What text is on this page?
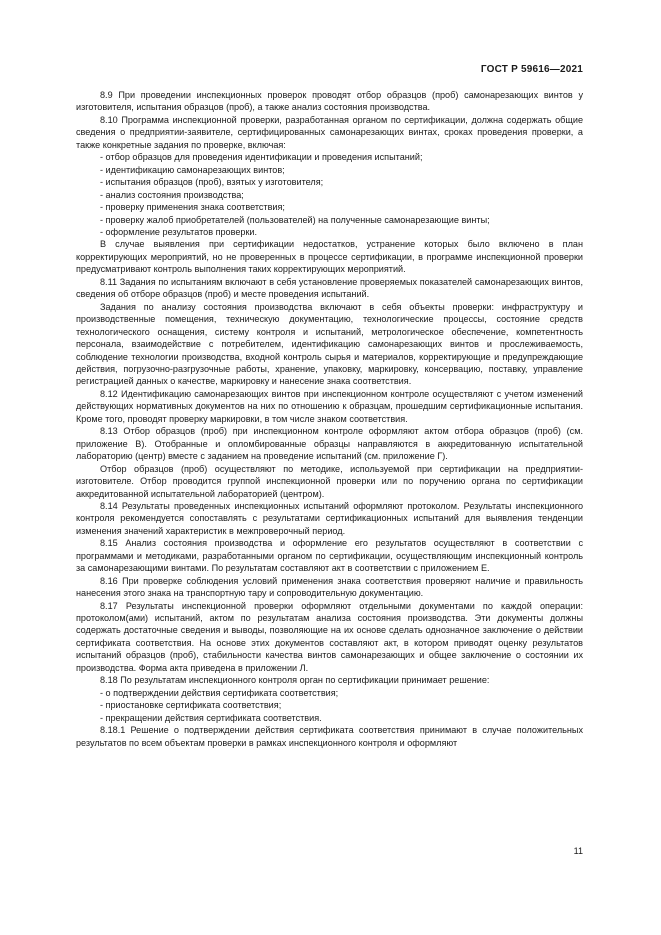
ГОСТ Р 59616—2021

8.9 При проведении инспекционных проверок проводят отбор образцов (проб) самонарезающих винтов у изготовителя, испытания образцов (проб), а также анализ состояния производства.

8.10 Программа инспекционной проверки, разработанная органом по сертификации, должна содержать общие сведения о предприятии-заявителе, сертифицированных самонарезающих винтах, сроках проведения проверки, а также конкретные задания по проверке, включая:

- отбор образцов для проведения идентификации и проведения испытаний;

- идентификацию самонарезающих винтов;

- испытания образцов (проб), взятых у изготовителя;

- анализ состояния производства;

- проверку применения знака соответствия;

- проверку жалоб приобретателей (пользователей) на полученные самонарезающие винты;

- оформление результатов проверки.

В случае выявления при сертификации недостатков, устранение которых было включено в план корректирующих мероприятий, но не проверенных в процессе сертификации, в программе инспекционной проверки предусматривают контроль выполнения таких корректирующих мероприятий.

8.11 Задания по испытаниям включают в себя установление проверяемых показателей самонарезающих винтов, сведения об отборе образцов (проб) и месте проведения испытаний.

Задания по анализу состояния производства включают в себя объекты проверки: инфраструктуру и производственные помещения, техническую документацию, технологические процессы, состояние средств технологического оснащения, систему контроля и испытаний, метрологическое обеспечение, компетентность персонала, взаимодействие с потребителем, идентификацию самонарезающих винтов и прослеживаемость, соблюдение технологии производства, входной контроль сырья и материалов, корректирующие и предупреждающие действия, погрузочно-разгрузочные работы, хранение, упаковку, маркировку, консервацию, поставку, управление регистрацией данных о качестве, маркировку и нанесение знака соответствия.

8.12 Идентификацию самонарезающих винтов при инспекционном контроле осуществляют с учетом изменений действующих нормативных документов на них по отношению к образцам, прошедшим сертификационные испытания. Кроме того, проводят проверку маркировки, в том числе знаком соответствия.

8.13 Отбор образцов (проб) при инспекционном контроле оформляют актом отбора образцов (проб) (см. приложение В). Отобранные и опломбированные образцы направляются в аккредитованную испытательной лабораторию (центр) вместе с заданием на проведение испытаний (см. приложение Г).

Отбор образцов (проб) осуществляют по методике, используемой при сертификации на предприятии-изготовителе. Отбор проводится группой инспекционной проверки или по поручению органа по сертификации аккредитованной испытательной лабораторией (центром).

8.14 Результаты проведенных инспекционных испытаний оформляют протоколом. Результаты инспекционного контроля рекомендуется сопоставлять с результатами сертификационных испытаний для выявления тенденции изменения значений характеристик в межпроверочный период.

8.15 Анализ состояния производства и оформление его результатов осуществляют в соответствии с программами и методиками, разработанными органом по сертификации, осуществляющим инспекционный контроль за самонарезающими винтами. По результатам составляют акт в соответствии с приложением Е.

8.16 При проверке соблюдения условий применения знака соответствия проверяют наличие и правильность нанесения этого знака на транспортную тару и сопроводительную документацию.

8.17 Результаты инспекционной проверки оформляют отдельными документами по каждой операции: протоколом(ами) испытаний, актом по результатам анализа состояния производства. Эти документы должны содержать достаточные сведения и выводы, позволяющие на их основе сделать однозначное заключение о действии сертификата соответствия. На основе этих документов составляют акт, в котором приводят оценку результатов испытаний образцов (проб), стабильности качества винтов самонарезающих и общее заключение о состоянии их производства. Форма акта приведена в приложении Л.

8.18 По результатам инспекционного контроля орган по сертификации принимает решение:

- о подтверждении действия сертификата соответствия;

- приостановке сертификата соответствия;

- прекращении действия сертификата соответствия.

8.18.1 Решение о подтверждении действия сертификата соответствия принимают в случае положительных результатов по всем объектам проверки в рамках инспекционного контроля и оформляют

11
